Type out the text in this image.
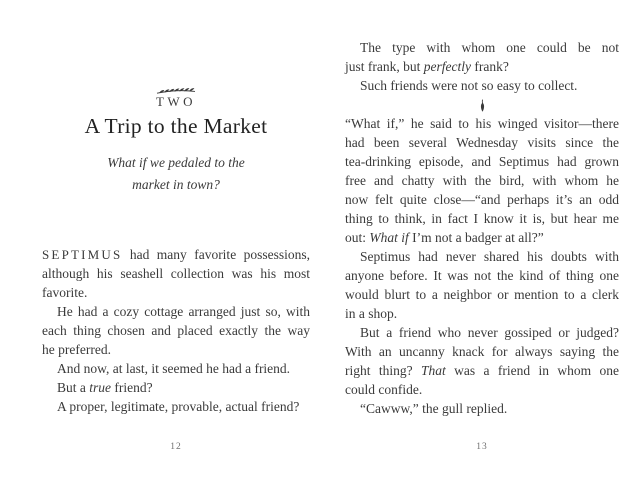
TWO
A Trip to the Market
What if we pedaled to the
market in town?
SEPTIMUS had many favorite possessions,
although his seashell collection was his most
favorite.
He had a cozy cottage arranged just so, with
each thing chosen and placed exactly the way
he preferred.
And now, at last, it seemed he had a friend.
But a true friend?
A proper, legitimate, provable, actual friend?
12
The type with whom one could be not
just frank, but perfectly frank?
Such friends were not so easy to collect.
“What if,” he said to his winged visitor—there
had been several Wednesday visits since the
tea-drinking episode, and Septimus had grown
free and chatty with the bird, with whom he
now felt quite close—“and perhaps it’s an odd
thing to think, in fact I know it is, but hear me
out: What if I’m not a badger at all?”
Septimus had never shared his doubts with
anyone before. It was not the kind of thing one
would blurt to a neighbor or mention to a clerk
in a shop.
But a friend who never gossiped or judged?
With an uncanny knack for always saying the
right thing? That was a friend in whom one
could confide.
“Cawww,” the gull replied.
13
